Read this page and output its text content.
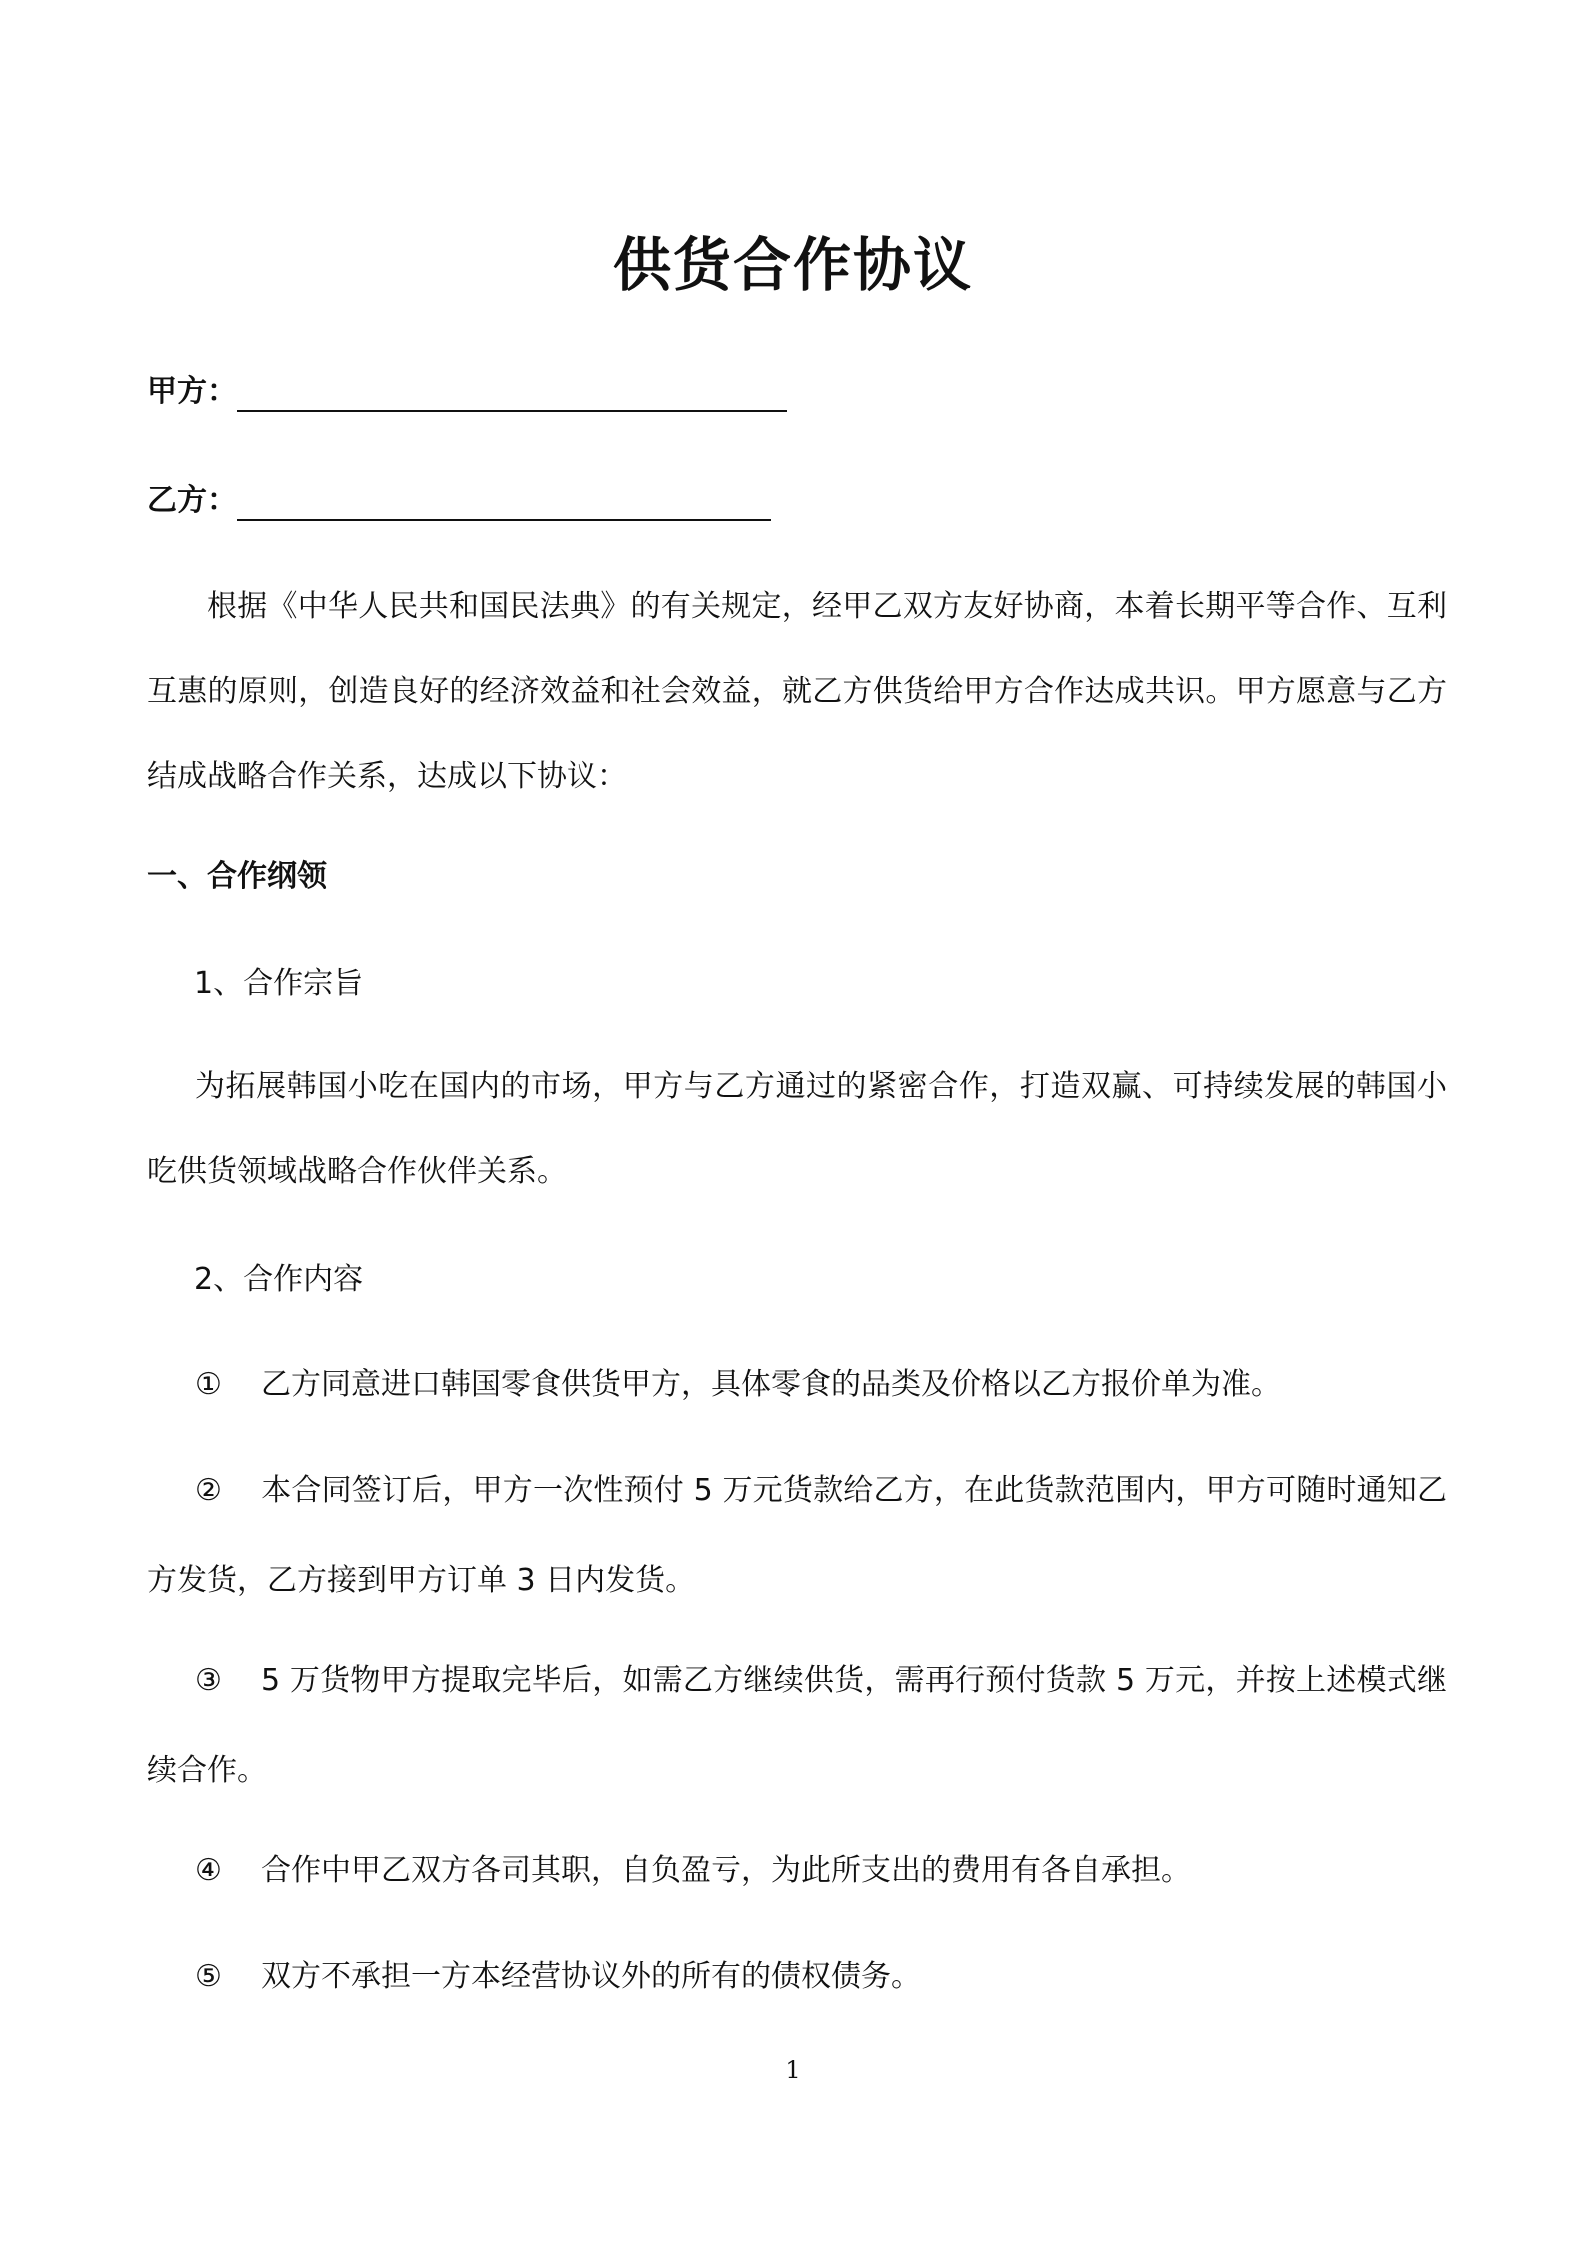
供货合作协议
甲方：
乙方：
根据《中华人民共和国民法典》的有关规定，经甲乙双方友好协商，本着长期平等合作、互利互惠的原则，创造良好的经济效益和社会效益，就乙方供货给甲方合作达成共识。甲方愿意与乙方结成战略合作关系，达成以下协议：
一、合作纲领
1、合作宗旨
为拓展韩国小吃在国内的市场，甲方与乙方通过的紧密合作，打造双赢、可持续发展的韩国小吃供货领域战略合作伙伴关系。
2、合作内容
① 乙方同意进口韩国零食供货甲方，具体零食的品类及价格以乙方报价单为准。
② 本合同签订后，甲方一次性预付 5 万元货款给乙方，在此货款范围内，甲方可随时通知乙方发货，乙方接到甲方订单 3 日内发货。
③ 5 万货物甲方提取完毕后，如需乙方继续供货，需再行预付货款 5 万元，并按上述模式继续合作。
④ 合作中甲乙双方各司其职，自负盈亏，为此所支出的费用有各自承担。
⑤ 双方不承担一方本经营协议外的所有的债权债务。
1
